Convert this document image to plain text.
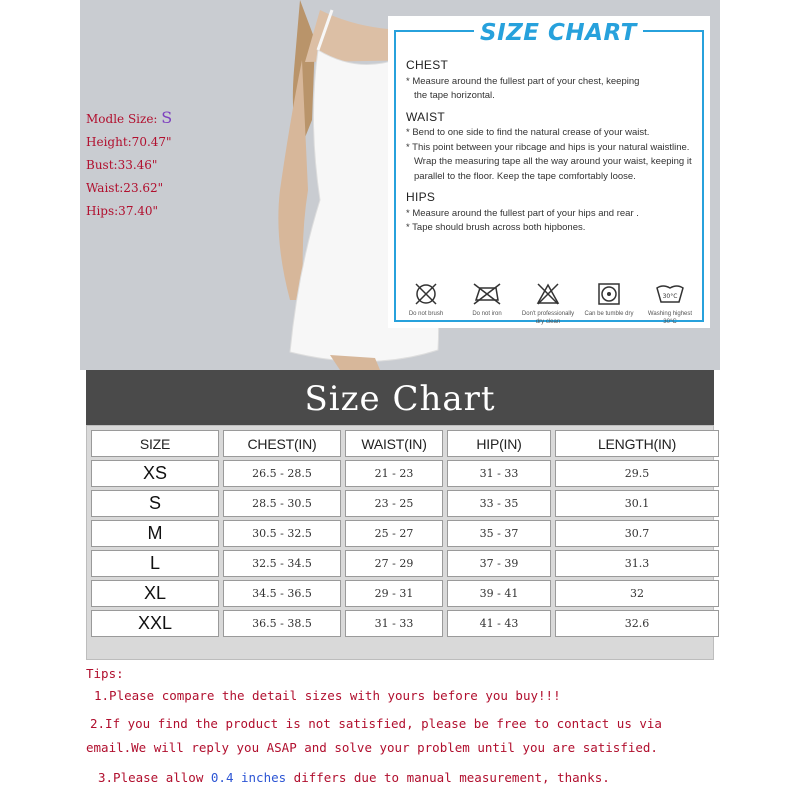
Modle Size: S
Height:70.47"
Bust:33.46"
Waist:23.62"
Hips:37.40"
SIZE CHART
CHEST
* Measure around the fullest part of your chest, keeping
the tape horizontal.
WAIST
* Bend to one side to find the natural crease of your waist.
* This point between your ribcage and hips is your natural waistline.
Wrap the measuring tape all the way around your waist, keeping it
parallel to the floor. Keep the tape comfortably loose.
HIPS
* Measure around the fullest part of your hips and rear .
* Tape should brush across both hipbones.
Do not brush	Do not iron	Don't professionally dry clean
Can be tumble dry
30°C
Washing highest 30°C
Size Chart
SIZE	CHEST(IN)	WAIST(IN)	HIP(IN)	LENGTH(IN)
XS	26.5 - 28.5	21 - 23	31 - 33	29.5
S	28.5 - 30.5	23 - 25	33 - 35	30.1
M	30.5 - 32.5	25 - 27	35 - 37	30.7
L	32.5 - 34.5	27 - 29	37 - 39	31.3
XL	34.5 - 36.5	29 - 31	39 - 41	32
XXL	36.5 - 38.5	31 - 33	41 - 43	32.6
Tips:
1.Please compare the detail sizes with yours before you buy!!!
2.If you find the product is not satisfied, please be free to contact us via
email.We will reply you ASAP and solve your problem until you are satisfied.
3.Please allow 0.4 inches differs due to manual measurement, thanks.
